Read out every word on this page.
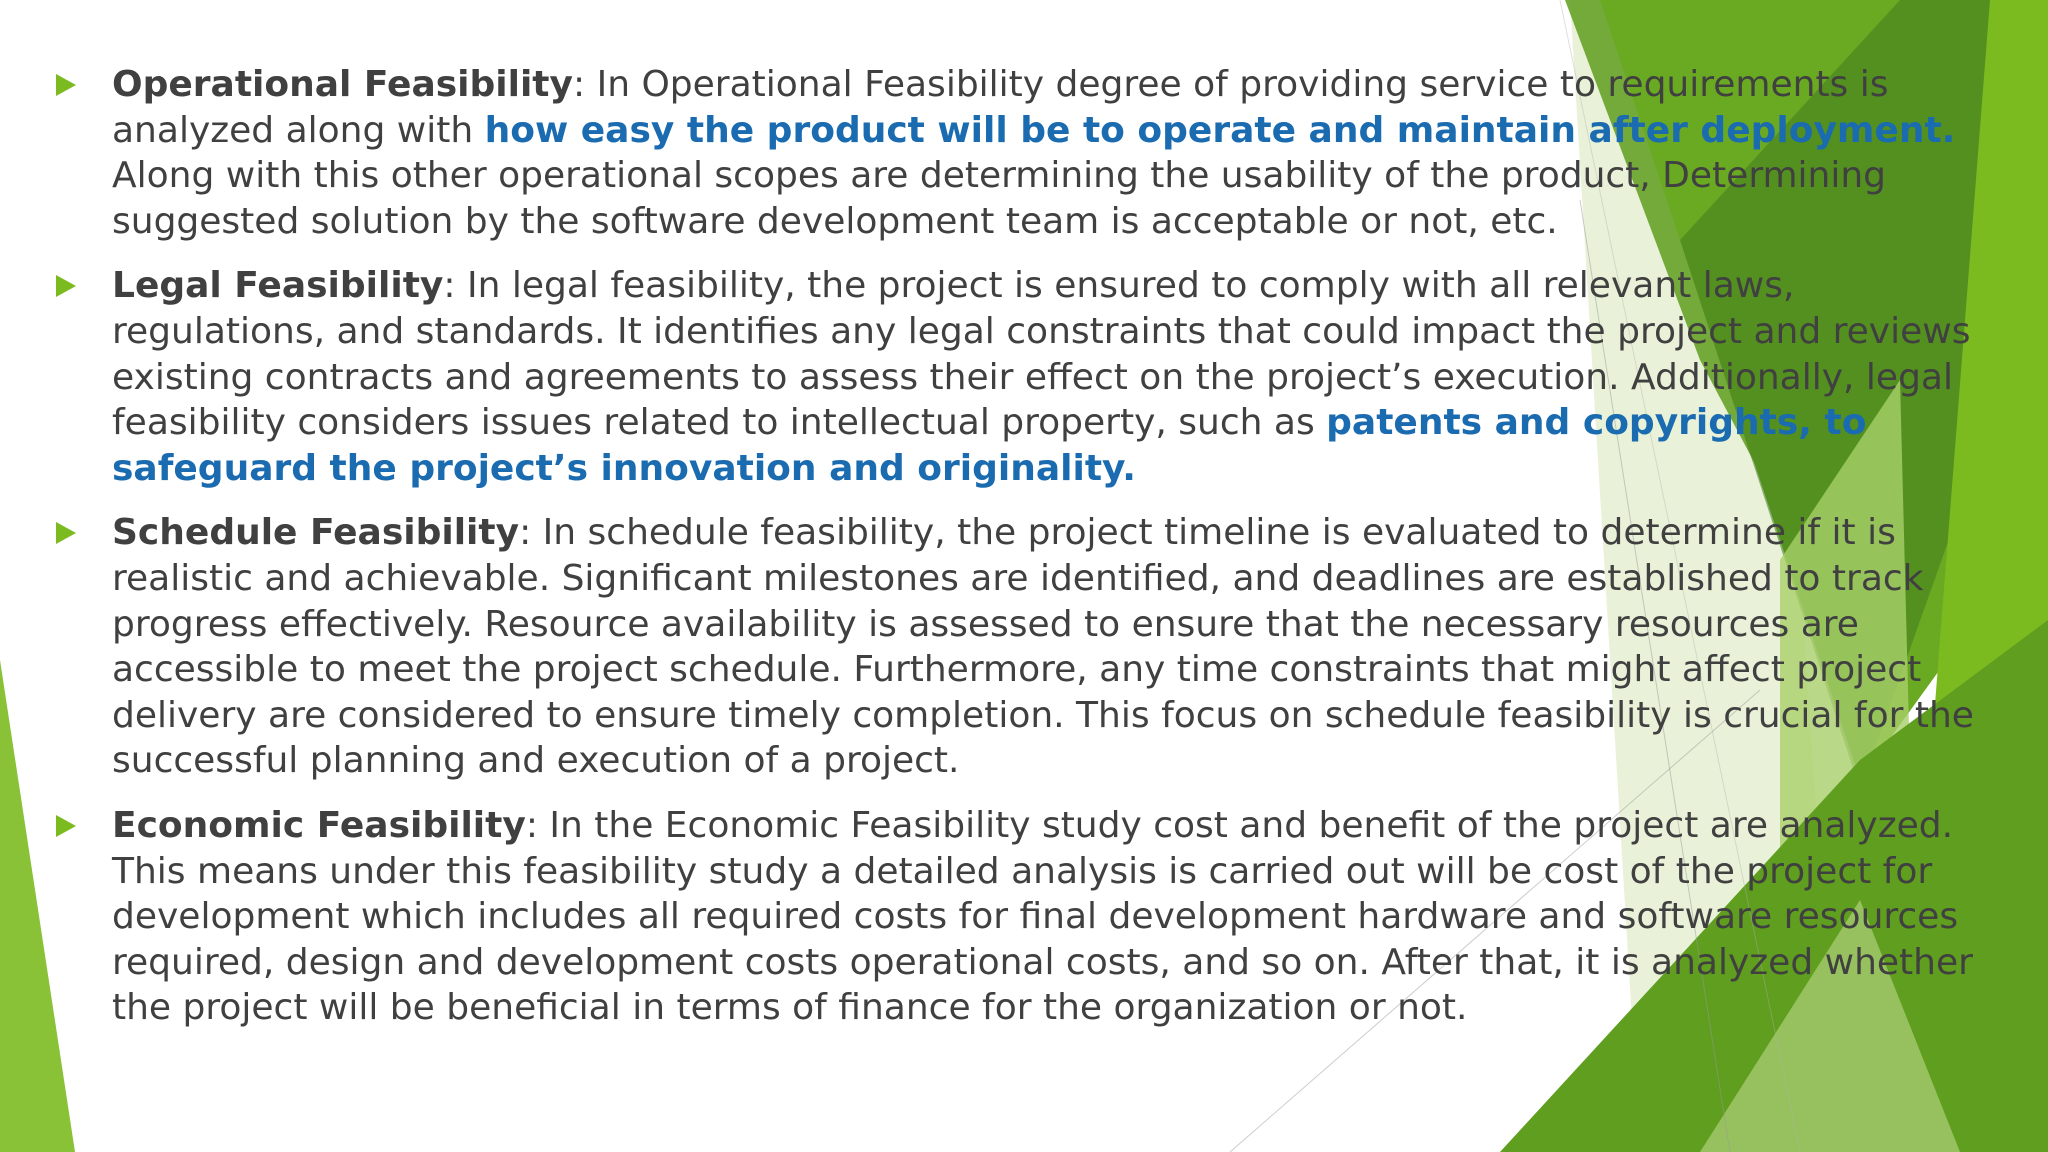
Operational Feasibility: In Operational Feasibility degree of providing service to requirements is analyzed along with how easy the product will be to operate and maintain after deployment. Along with this other operational scopes are determining the usability of the product, Determining suggested solution by the software development team is acceptable or not, etc.
Legal Feasibility: In legal feasibility, the project is ensured to comply with all relevant laws, regulations, and standards. It identifies any legal constraints that could impact the project and reviews existing contracts and agreements to assess their effect on the project’s execution. Additionally, legal feasibility considers issues related to intellectual property, such as patents and copyrights, to safeguard the project’s innovation and originality.
Schedule Feasibility: In schedule feasibility, the project timeline is evaluated to determine if it is realistic and achievable. Significant milestones are identified, and deadlines are established to track progress effectively. Resource availability is assessed to ensure that the necessary resources are accessible to meet the project schedule. Furthermore, any time constraints that might affect project delivery are considered to ensure timely completion. This focus on schedule feasibility is crucial for the successful planning and execution of a project.
Economic Feasibility: In the Economic Feasibility study cost and benefit of the project are analyzed. This means under this feasibility study a detailed analysis is carried out will be cost of the project for development which includes all required costs for final development hardware and software resources required, design and development costs operational costs, and so on. After that, it is analyzed whether the project will be beneficial in terms of finance for the organization or not.
